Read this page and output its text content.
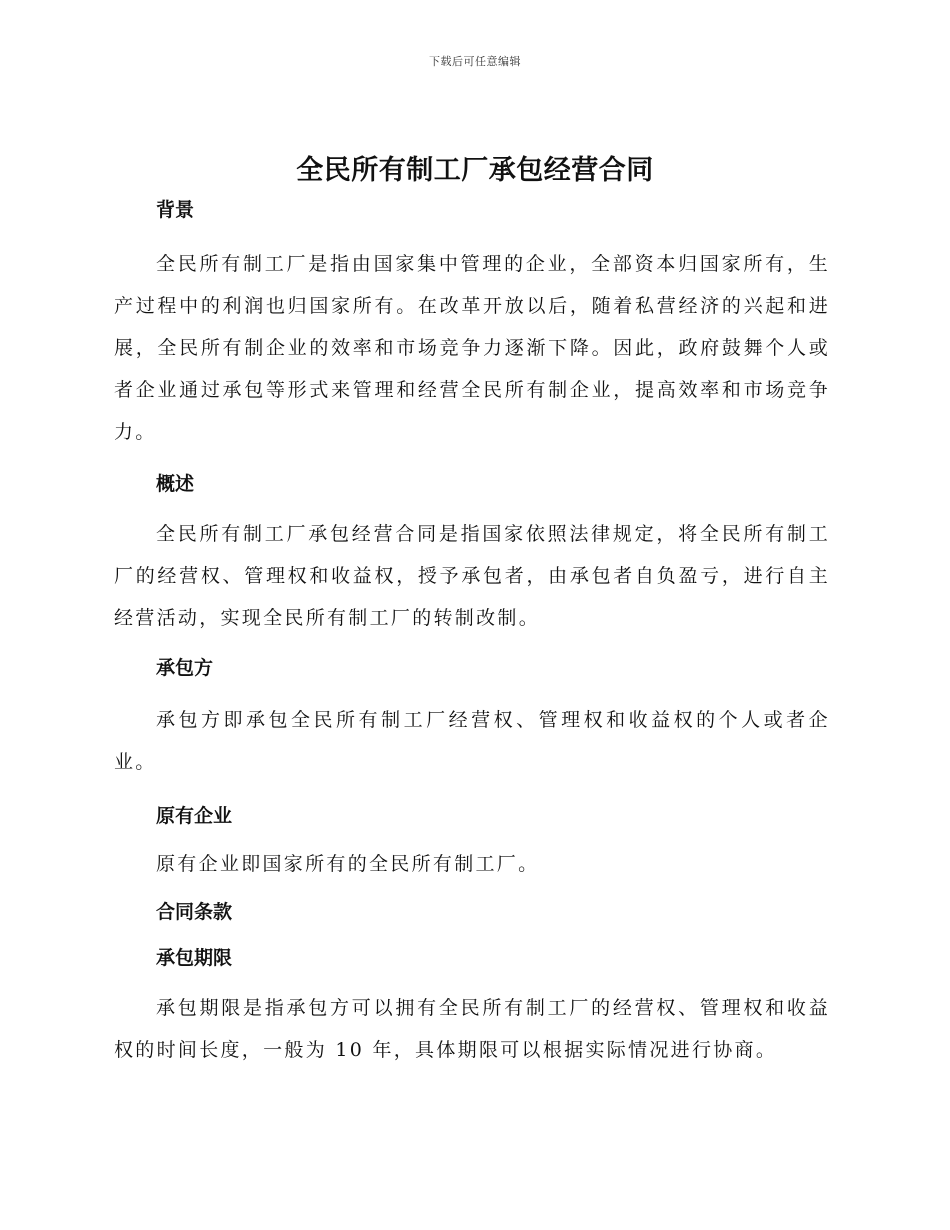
下载后可任意编辑
全民所有制工厂承包经营合同
背景

全民所有制工厂是指由国家集中管理的企业，全部资本归国家所有，生产过程中的利润也归国家所有。在改革开放以后，随着私营经济的兴起和进展，全民所有制企业的效率和市场竞争力逐渐下降。因此，政府鼓舞个人或者企业通过承包等形式来管理和经营全民所有制企业，提高效率和市场竞争力。

概述

全民所有制工厂承包经营合同是指国家依照法律规定，将全民所有制工厂的经营权、管理权和收益权，授予承包者，由承包者自负盈亏，进行自主经营活动，实现全民所有制工厂的转制改制。

承包方

承包方即承包全民所有制工厂经营权、管理权和收益权的个人或者企业。

原有企业

原有企业即国家所有的全民所有制工厂。

合同条款
承包期限

承包期限是指承包方可以拥有全民所有制工厂的经营权、管理权和收益权的时间长度，一般为 10 年，具体期限可以根据实际情况进行协商。
